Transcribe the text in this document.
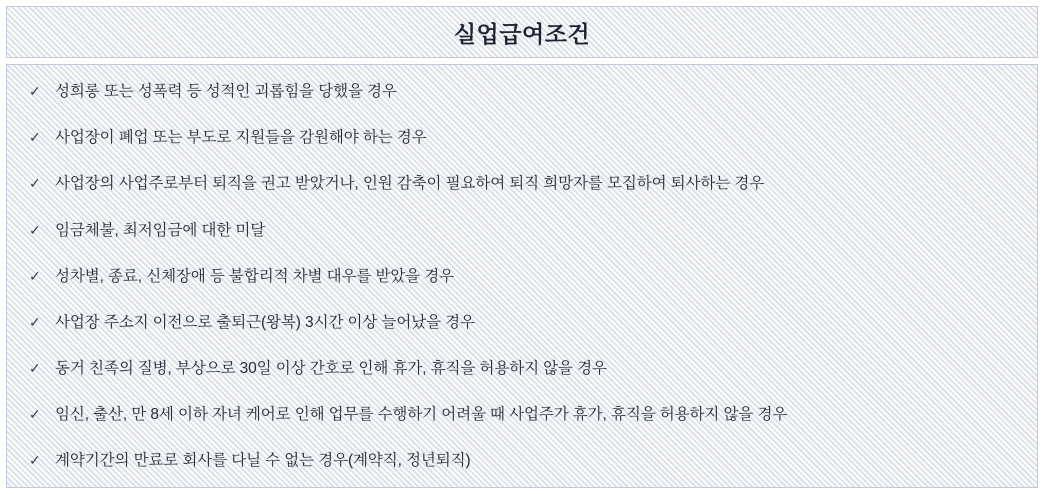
실업급여조건
✓ 성희롱 또는 성폭력 등 성적인 괴롭힘을 당했을 경우
✓ 사업장이 폐업 또는 부도로 지원들을 감원해야 하는 경우
✓ 사업장의 사업주로부터 퇴직을 권고 받았거나, 인원 감축이 필요하여 퇴직 희망자를 모집하여 퇴사하는 경우
✓ 임금체불, 최저임금에 대한 미달
✓ 성차별, 종료, 신체장애 등 불합리적 차별 대우를 받았을 경우
✓ 사업장 주소지 이전으로 출퇴근(왕복) 3시간 이상 늘어났을 경우
✓ 동거 친족의 질병, 부상으로 30일 이상 간호로 인해 휴가, 휴직을 허용하지 않을 경우
✓ 임신, 출산, 만 8세 이하 자녀 케어로 인해 업무를 수행하기 어려울 때 사업주가 휴가, 휴직을 허용하지 않을 경우
✓ 계약기간의 만료로 회사를 다닐 수 없는 경우(계약직, 정년퇴직)
